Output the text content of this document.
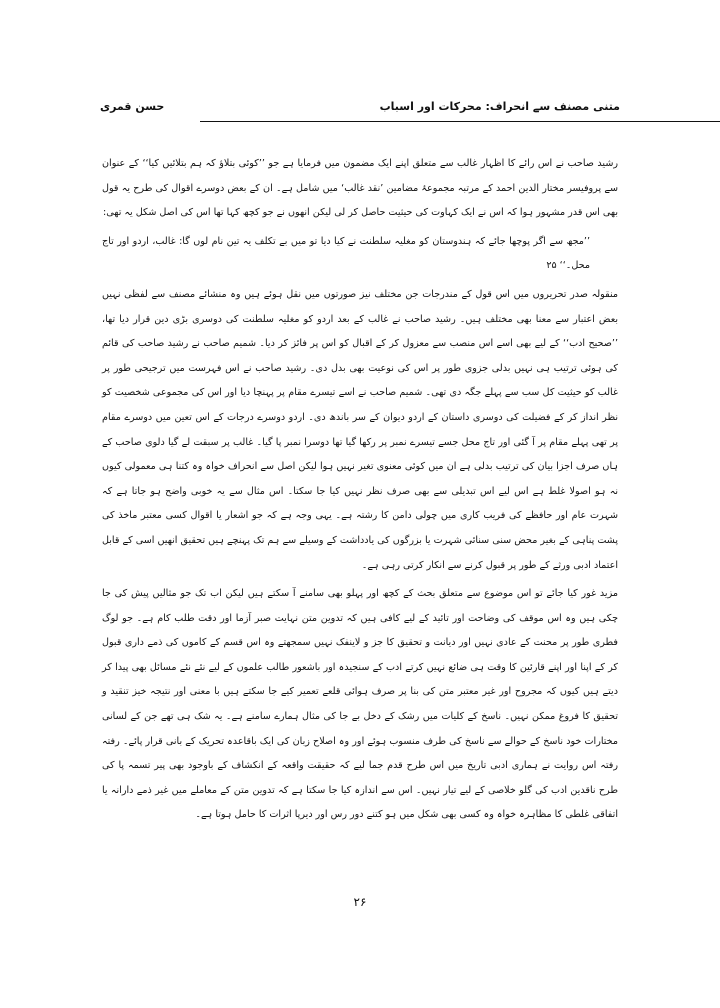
متنی مصنف سے انحراف: محرکات اور اسباب
حسن قمری

رشید صاحب نے اس رائے کا اظہار غالب سے متعلق اپنے ایک مضمون میں فرمایا ہے جو ’’کوئی بتلاؤ کہ ہم بتلائیں کیا‘‘ کے عنوان سے پروفیسر مختار الدین احمد کے مرتبہ مجموعۂ مضامین ’نقد غالب‘ میں شامل ہے۔ ان کے بعض دوسرے اقوال کی طرح یہ قول بھی اس قدر مشہور ہوا کہ اس نے ایک کہاوت کی حیثیت حاصل کر لی لیکن انھوں نے جو کچھ کہا تھا اس کی اصل شکل یہ تھی:

’’مجھ سے اگر پوچھا جائے کہ ہندوستان کو مغلیہ سلطنت نے کیا دیا تو میں بے تکلف یہ تین نام لوں گا: غالب، اردو اور تاج محل۔‘‘ ۲۵

منقولہ صدر تحریروں میں اس قول کے مندرجات جن مختلف نیز صورتوں میں نقل ہوئے ہیں وہ منشائے مصنف سے لفظی نہیں بعض اعتبار سے معنا بھی مختلف ہیں۔ رشید صاحب نے غالب کے بعد اردو کو مغلیہ سلطنت کی دوسری بڑی دین قرار دیا تھا، ’’صحیح ادب‘‘ کے لیے بھی اسے اس منصب سے معزول کر کے اقبال کو اس پر فائز کر دیا۔ شمیم صاحب نے رشید صاحب کی قائم کی ہوئی ترتیب ہی نہیں بدلی جزوی طور پر اس کی نوعیت بھی بدل دی۔ رشید صاحب نے اس فہرست میں ترجیحی طور پر غالب کو حیثیت کل سب سے پہلے جگہ دی تھی۔ شمیم صاحب نے اسے تیسرے مقام پر پہنچا دیا اور اس کی مجموعی شخصیت کو نظر انداز کر کے فضیلت کی دوسری داستان کے اردو دیوان کے سر باندھ دی۔ اردو دوسرے درجات کے اس تعین میں دوسرے مقام پر تھی پہلے مقام پر آ گئی اور تاج محل جسے تیسرے نمبر پر رکھا گیا تھا دوسرا نمبر پا گیا۔ غالب پر سبقت لے گیا دلوی صاحب کے ہاں صرف اجزا بیان کی ترتیب بدلی ہے ان میں کوئی معنوی تغیر نہیں ہوا لیکن اصل سے انحراف خواہ وہ کتنا ہی معمولی کیوں نہ ہو اصولا غلط ہے اس لیے اس تبدیلی سے بھی صرف نظر نہیں کیا جا سکتا۔ اس مثال سے یہ خوبی واضح ہو جاتا ہے کہ شہرت عام اور حافظے کی فریب کاری میں چولی دامن کا رشتہ ہے۔ یہی وجہ ہے کہ جو اشعار یا اقوال کسی معتبر ماخذ کی پشت پناہی کے بغیر محض سنی سنائی شہرت یا بزرگوں کی یادداشت کے وسیلے سے ہم تک پہنچے ہیں تحقیق انھیں اسی کے قابل اعتماد ادبی ورثے کے طور پر قبول کرنے سے انکار کرتی رہی ہے۔

مزید غور کیا جائے تو اس موضوع سے متعلق بحث کے کچھ اور پہلو بھی سامنے آ سکتے ہیں لیکن اب تک جو مثالیں پیش کی جا چکی ہیں وہ اس موقف کی وضاحت اور تائید کے لیے کافی ہیں کہ تدوین متن نہایت صبر آزما اور دقت طلب کام ہے۔ جو لوگ فطری طور پر محنت کے عادی نہیں اور دیانت و تحقیق کا جز و لاینفک نہیں سمجھتے وہ اس قسم کے کاموں کی ذمے داری قبول کر کے اپنا اور اپنے قارئین کا وقت ہی ضائع نہیں کرتے ادب کے سنجیدہ اور باشعور طالب علموں کے لیے نئے نئے مسائل بھی پیدا کر دیتے ہیں کیوں کہ مجروح اور غیر معتبر متن کی بنا پر صرف ہوائی قلعے تعمیر کیے جا سکتے ہیں با معنی اور نتیجہ خیز تنقید و تحقیق کا فروغ ممکن نہیں۔ ناسخ کے کلیات میں رشک کے دخل بے جا کی مثال ہمارے سامنے ہے۔ یہ شک ہی تھے جن کے لسانی مختارات خود ناسخ کے حوالے سے ناسخ کی طرف منسوب ہوئے اور وہ اصلاح زبان کی ایک باقاعدہ تحریک کے بانی قرار پائے۔ رفتہ رفتہ اس روایت نے ہماری ادبی تاریخ میں اس طرح قدم جما لیے کہ حقیقت واقعہ کے انکشاف کے باوجود بھی پیر تسمہ پا کی طرح ناقدین ادب کی گلو خلاصی کے لیے تیار نہیں۔ اس سے اندازہ کیا جا سکتا ہے کہ تدوین متن کے معاملے میں غیر ذمے دارانہ یا اتفاقی غلطی کا مظاہرہ خواہ وہ کسی بھی شکل میں ہو کتنے دور رس اور دیرپا اثرات کا حامل ہوتا ہے۔

۲۶
